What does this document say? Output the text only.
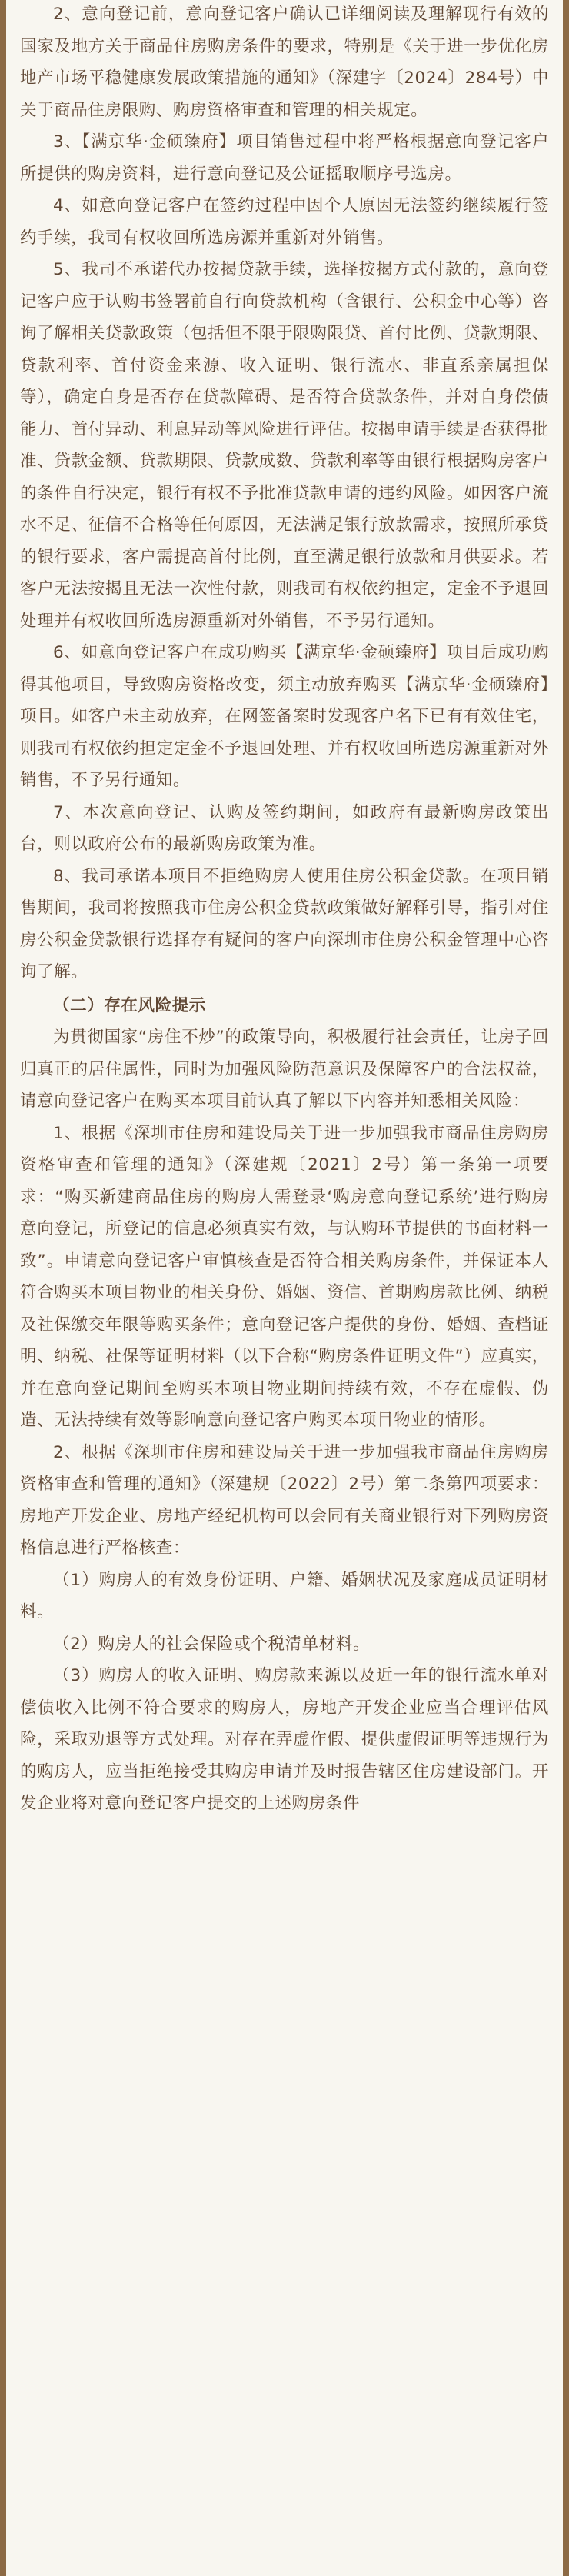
2、意向登记前，意向登记客户确认已详细阅读及理解现行有效的国家及地方关于商品住房购房条件的要求，特别是《关于进一步优化房地产市场平稳健康发展政策措施的通知》（深建字〔2024〕284号）中关于商品住房限购、购房资格审查和管理的相关规定。

3、【满京华·金硕臻府】项目销售过程中将严格根据意向登记客户所提供的购房资料，进行意向登记及公证摇取顺序号选房。

4、如意向登记客户在签约过程中因个人原因无法签约继续履行签约手续，我司有权收回所选房源并重新对外销售。

5、我司不承诺代办按揭贷款手续，选择按揭方式付款的，意向登记客户应于认购书签署前自行向贷款机构（含银行、公积金中心等）咨询了解相关贷款政策（包括但不限于限购限贷、首付比例、贷款期限、贷款利率、首付资金来源、收入证明、银行流水、非直系亲属担保等），确定自身是否存在贷款障碍、是否符合贷款条件，并对自身偿债能力、首付异动、利息异动等风险进行评估。按揭申请手续是否获得批准、贷款金额、贷款期限、贷款成数、贷款利率等由银行根据购房客户的条件自行决定，银行有权不予批准贷款申请的违约风险。如因客户流水不足、征信不合格等任何原因，无法满足银行放款需求，按照所承贷的银行要求，客户需提高首付比例，直至满足银行放款和月供要求。若客户无法按揭且无法一次性付款，则我司有权依约担定，定金不予退回处理并有权收回所选房源重新对外销售，不予另行通知。

6、如意向登记客户在成功购买【满京华·金硕臻府】项目后成功购得其他项目，导致购房资格改变，须主动放弃购买【满京华·金硕臻府】项目。如客户未主动放弃，在网签备案时发现客户名下已有有效住宅，则我司有权依约担定定金不予退回处理、并有权收回所选房源重新对外销售，不予另行通知。

7、本次意向登记、认购及签约期间，如政府有最新购房政策出台，则以政府公布的最新购房政策为准。

8、我司承诺本项目不拒绝购房人使用住房公积金贷款。在项目销售期间，我司将按照我市住房公积金贷款政策做好解释引导，指引对住房公积金贷款银行选择存有疑问的客户向深圳市住房公积金管理中心咨询了解。

（二）存在风险提示

为贯彻国家“房住不炒”的政策导向，积极履行社会责任，让房子回归真正的居住属性，同时为加强风险防范意识及保障客户的合法权益，请意向登记客户在购买本项目前认真了解以下内容并知悉相关风险：

1、根据《深圳市住房和建设局关于进一步加强我市商品住房购房资格审查和管理的通知》（深建规〔2021〕2号）第一条第一项要求：“购买新建商品住房的购房人需登录‘购房意向登记系统’进行购房意向登记，所登记的信息必须真实有效，与认购环节提供的书面材料一致”。申请意向登记客户审慎核查是否符合相关购房条件，并保证本人符合购买本项目物业的相关身份、婚姻、资信、首期购房款比例、纳税及社保缴交年限等购买条件；意向登记客户提供的身份、婚姻、查档证明、纳税、社保等证明材料（以下合称“购房条件证明文件”）应真实，并在意向登记期间至购买本项目物业期间持续有效，不存在虚假、伪造、无法持续有效等影响意向登记客户购买本项目物业的情形。

2、根据《深圳市住房和建设局关于进一步加强我市商品住房购房资格审查和管理的通知》（深建规〔2022〕2号）第二条第四项要求：房地产开发企业、房地产经纪机构可以会同有关商业银行对下列购房资格信息进行严格核查：

（1）购房人的有效身份证明、户籍、婚姻状况及家庭成员证明材料。

（2）购房人的社会保险或个税清单材料。

（3）购房人的收入证明、购房款来源以及近一年的银行流水单对偿债收入比例不符合要求的购房人，房地产开发企业应当合理评估风险，采取劝退等方式处理。对存在弄虚作假、提供虚假证明等违规行为的购房人，应当拒绝接受其购房申请并及时报告辖区住房建设部门。开发企业将对意向登记客户提交的上述购房条件
